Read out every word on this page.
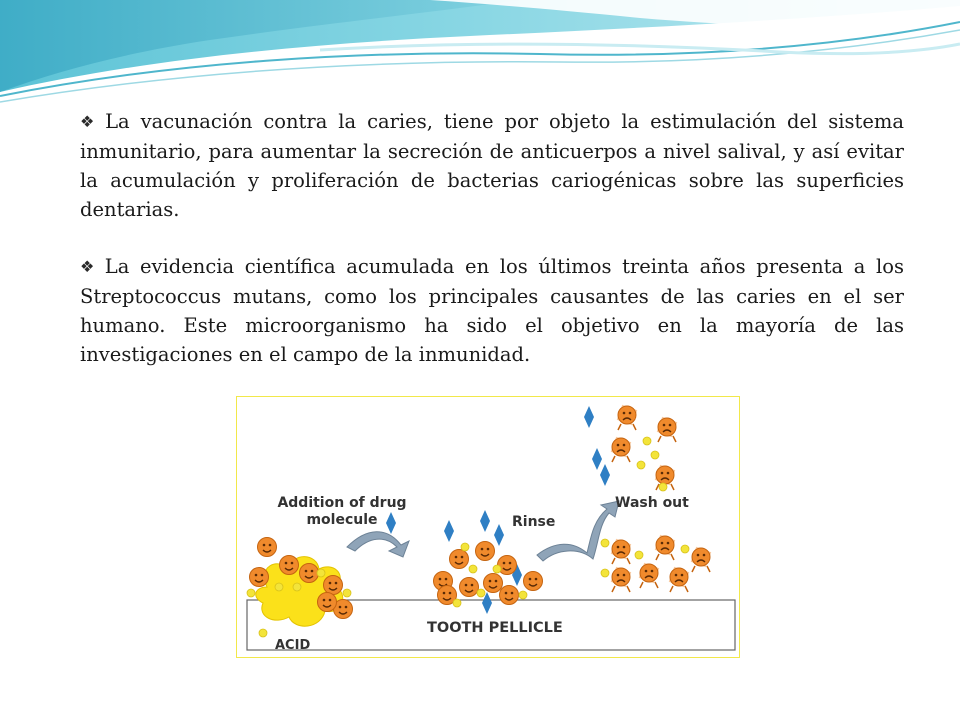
❖ La vacunación contra la caries, tiene por objeto la estimulación del sistema inmunitario, para aumentar la secreción de anticuerpos a nivel salival, y así evitar la acumulación y proliferación de bacterias cariogénicas sobre las superficies dentarias.

❖ La evidencia científica acumulada en los últimos treinta años presenta a los Streptococcus mutans, como los principales causantes de las caries en el ser humano. Este microorganismo ha sido el objetivo en la mayoría de las investigaciones en el campo de la inmunidad.

Addition of drug molecule	Rinse
Wash out
TOOTH PELLICLE
ACID
